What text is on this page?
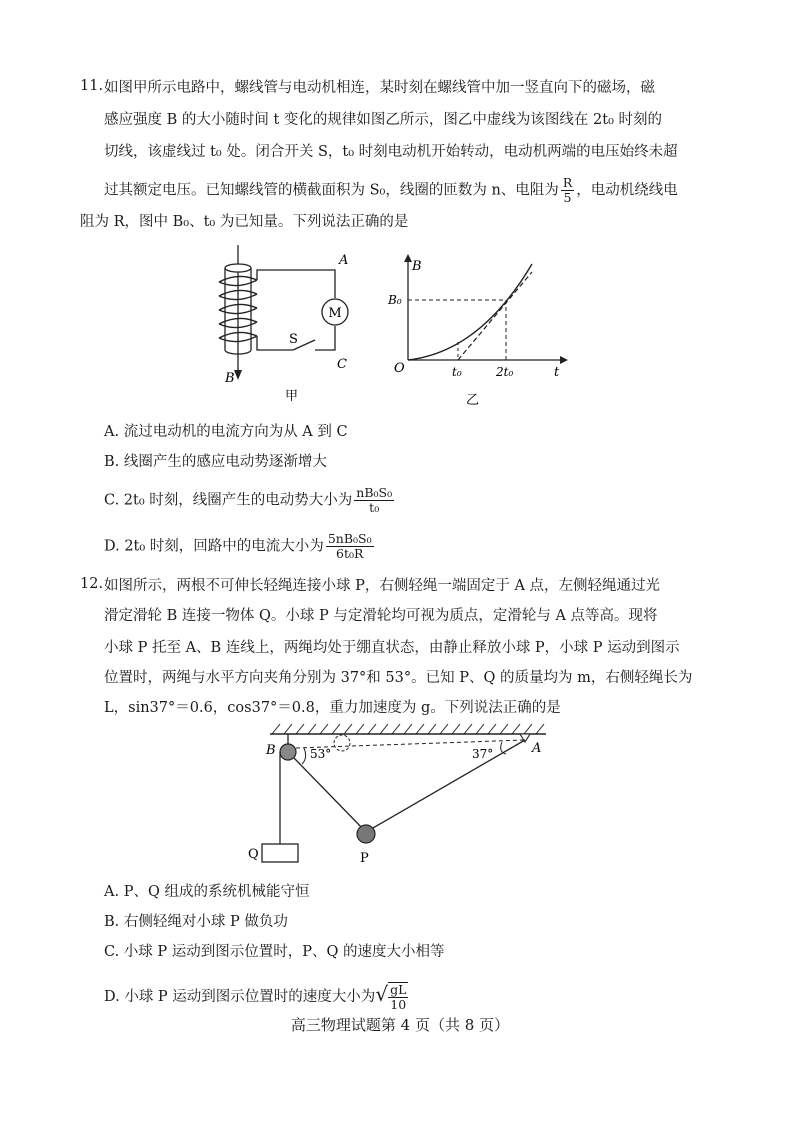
11. 如图甲所示电路中，螺线管与电动机相连，某时刻在螺线管中加一竖直向下的磁场，磁
感应强度 B 的大小随时间 t 变化的规律如图乙所示，图乙中虚线为该图线在 2t₀ 时刻的
切线，该虚线过 t₀ 处。闭合开关 S，t₀ 时刻电动机开始转动，电动机两端的电压始终未超
过其额定电压。已知螺线管的横截面积为 S₀，线圈的匝数为 n、电阻为 $\frac{R}{5}$ ，电动机绕线电
阻为 R，图中 B₀、t₀ 为已知量。下列说法正确的是
M
A
C
S
B
甲
B
t
O
B₀
t₀	2t₀
乙
A. 流过电动机的电流方向为从 A 到 C
B. 线圈产生的感应电动势逐渐增大
C. 2t₀ 时刻，线圈产生的电动势大小为 $\frac{\text{nB₀S₀}}{\text{t₀}}$
D. 2t₀ 时刻，回路中的电流大小为 $\frac{\text{5nB₀S₀}}{\text{6t₀R}}$
12. 如图所示，两根不可伸长轻绳连接小球 P，右侧轻绳一端固定于 A 点，左侧轻绳通过光
滑定滑轮 B 连接一物体 Q。小球 P 与定滑轮均可视为质点，定滑轮与 A 点等高。现将
小球 P 托至 A、B 连线上，两绳均处于绷直状态，由静止释放小球 P，小球 P 运动到图示
位置时，两绳与水平方向夹角分别为 37°和 53°。已知 P、Q 的质量均为 m，右侧轻绳长为
L，sin37°＝0.6，cos37°＝0.8，重力加速度为 g。下列说法正确的是
B	A
53°	37°
Q	P
A. P、Q 组成的系统机械能守恒
B. 右侧轻绳对小球 P 做负功
C. 小球 P 运动到图示位置时，P、Q 的速度大小相等
D. 小球 P 运动到图示位置时的速度大小为√ $\frac{gL}{10}$
高三物理试题第 4 页（共 8 页）
